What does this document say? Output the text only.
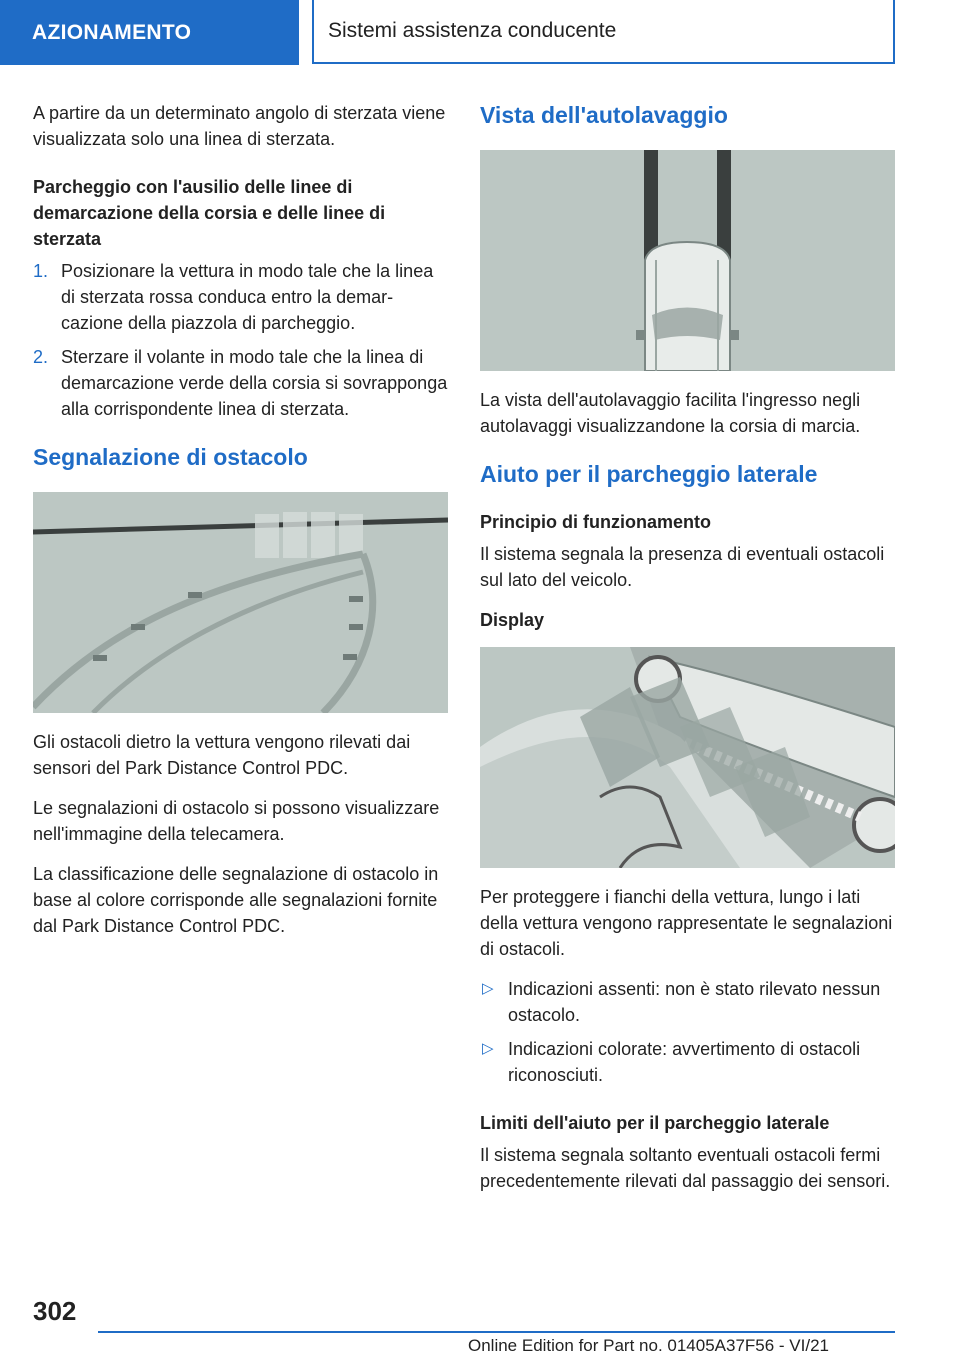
AZIONAMENTO	Sistemi assistenza conducente

A partire da un determinato angolo di sterzata viene visualizzata solo una linea di sterzata.

Parcheggio con l'ausilio delle linee di demarcazione della corsia e delle linee di sterzata
1. Posizionare la vettura in modo tale che la linea di sterzata rossa conduca entro la demarcazione della piazzola di parcheggio.
2. Sterzare il volante in modo tale che la linea di demarcazione verde della corsia si sovrapponga alla corrispondente linea di sterzata.
Segnalazione di ostacolo

Gli ostacoli dietro la vettura vengono rilevati dai sensori del Park Distance Control PDC.

Le segnalazioni di ostacolo si possono visualizzare nell'immagine della telecamera.

La classificazione delle segnalazione di ostacolo in base al colore corrisponde alle segnalazioni fornite dal Park Distance Control PDC.

Vista dell'autolavaggio

La vista dell'autolavaggio facilita l'ingresso negli autolavaggi visualizzandone la corsia di marcia.

Aiuto per il parcheggio laterale
Principio di funzionamento

Il sistema segnala la presenza di eventuali ostacoli sul lato del veicolo.

Display

Per proteggere i fianchi della vettura, lungo i lati della vettura vengono rappresentate le segnalazioni di ostacoli.

▷ Indicazioni assenti: non è stato rilevato nessun ostacolo.
▷ Indicazioni colorate: avvertimento di ostacoli riconosciuti.
Limiti dell'aiuto per il parcheggio laterale

Il sistema segnala soltanto eventuali ostacoli fermi precedentemente rilevati dal passaggio dei sensori.

302
Online Edition for Part no. 01405A37F56 - VI/21
